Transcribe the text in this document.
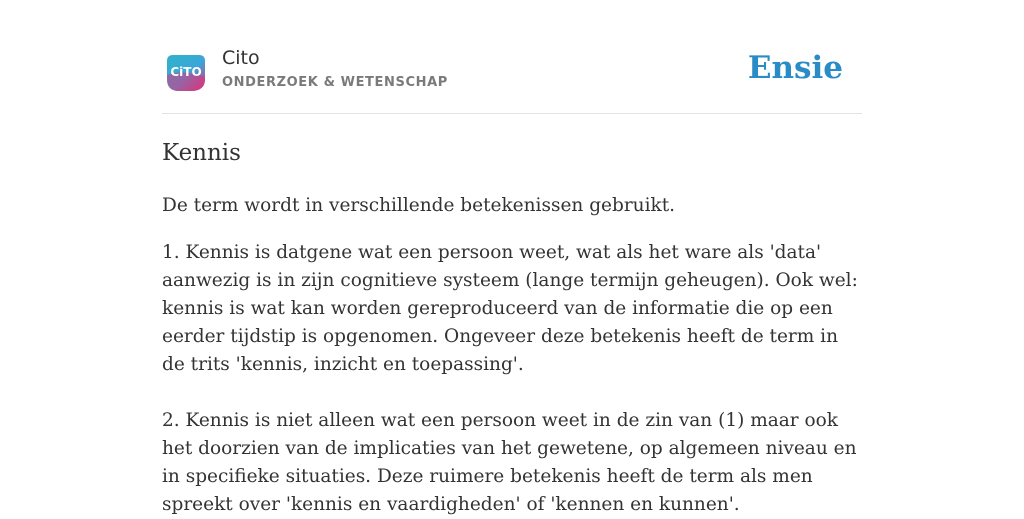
CiTO
Cito
ONDERZOEK & WETENSCHAP	Ensie
Kennis

De term wordt in verschillende betekenissen gebruikt.

1. Kennis is datgene wat een persoon weet, wat als het ware als 'data' aanwezig is in zijn cognitieve systeem (lange termijn geheugen). Ook wel: kennis is wat kan worden gereproduceerd van de informatie die op een eerder tijdstip is opgenomen. Ongeveer deze betekenis heeft de term in de trits 'kennis, inzicht en toepassing'.

2. Kennis is niet alleen wat een persoon weet in de zin van (1) maar ook het doorzien van de implicaties van het gewetene, op algemeen niveau en in specifieke situaties. Deze ruimere betekenis heeft de term als men spreekt over 'kennis en vaardigheden' of 'kennen en kunnen'.
